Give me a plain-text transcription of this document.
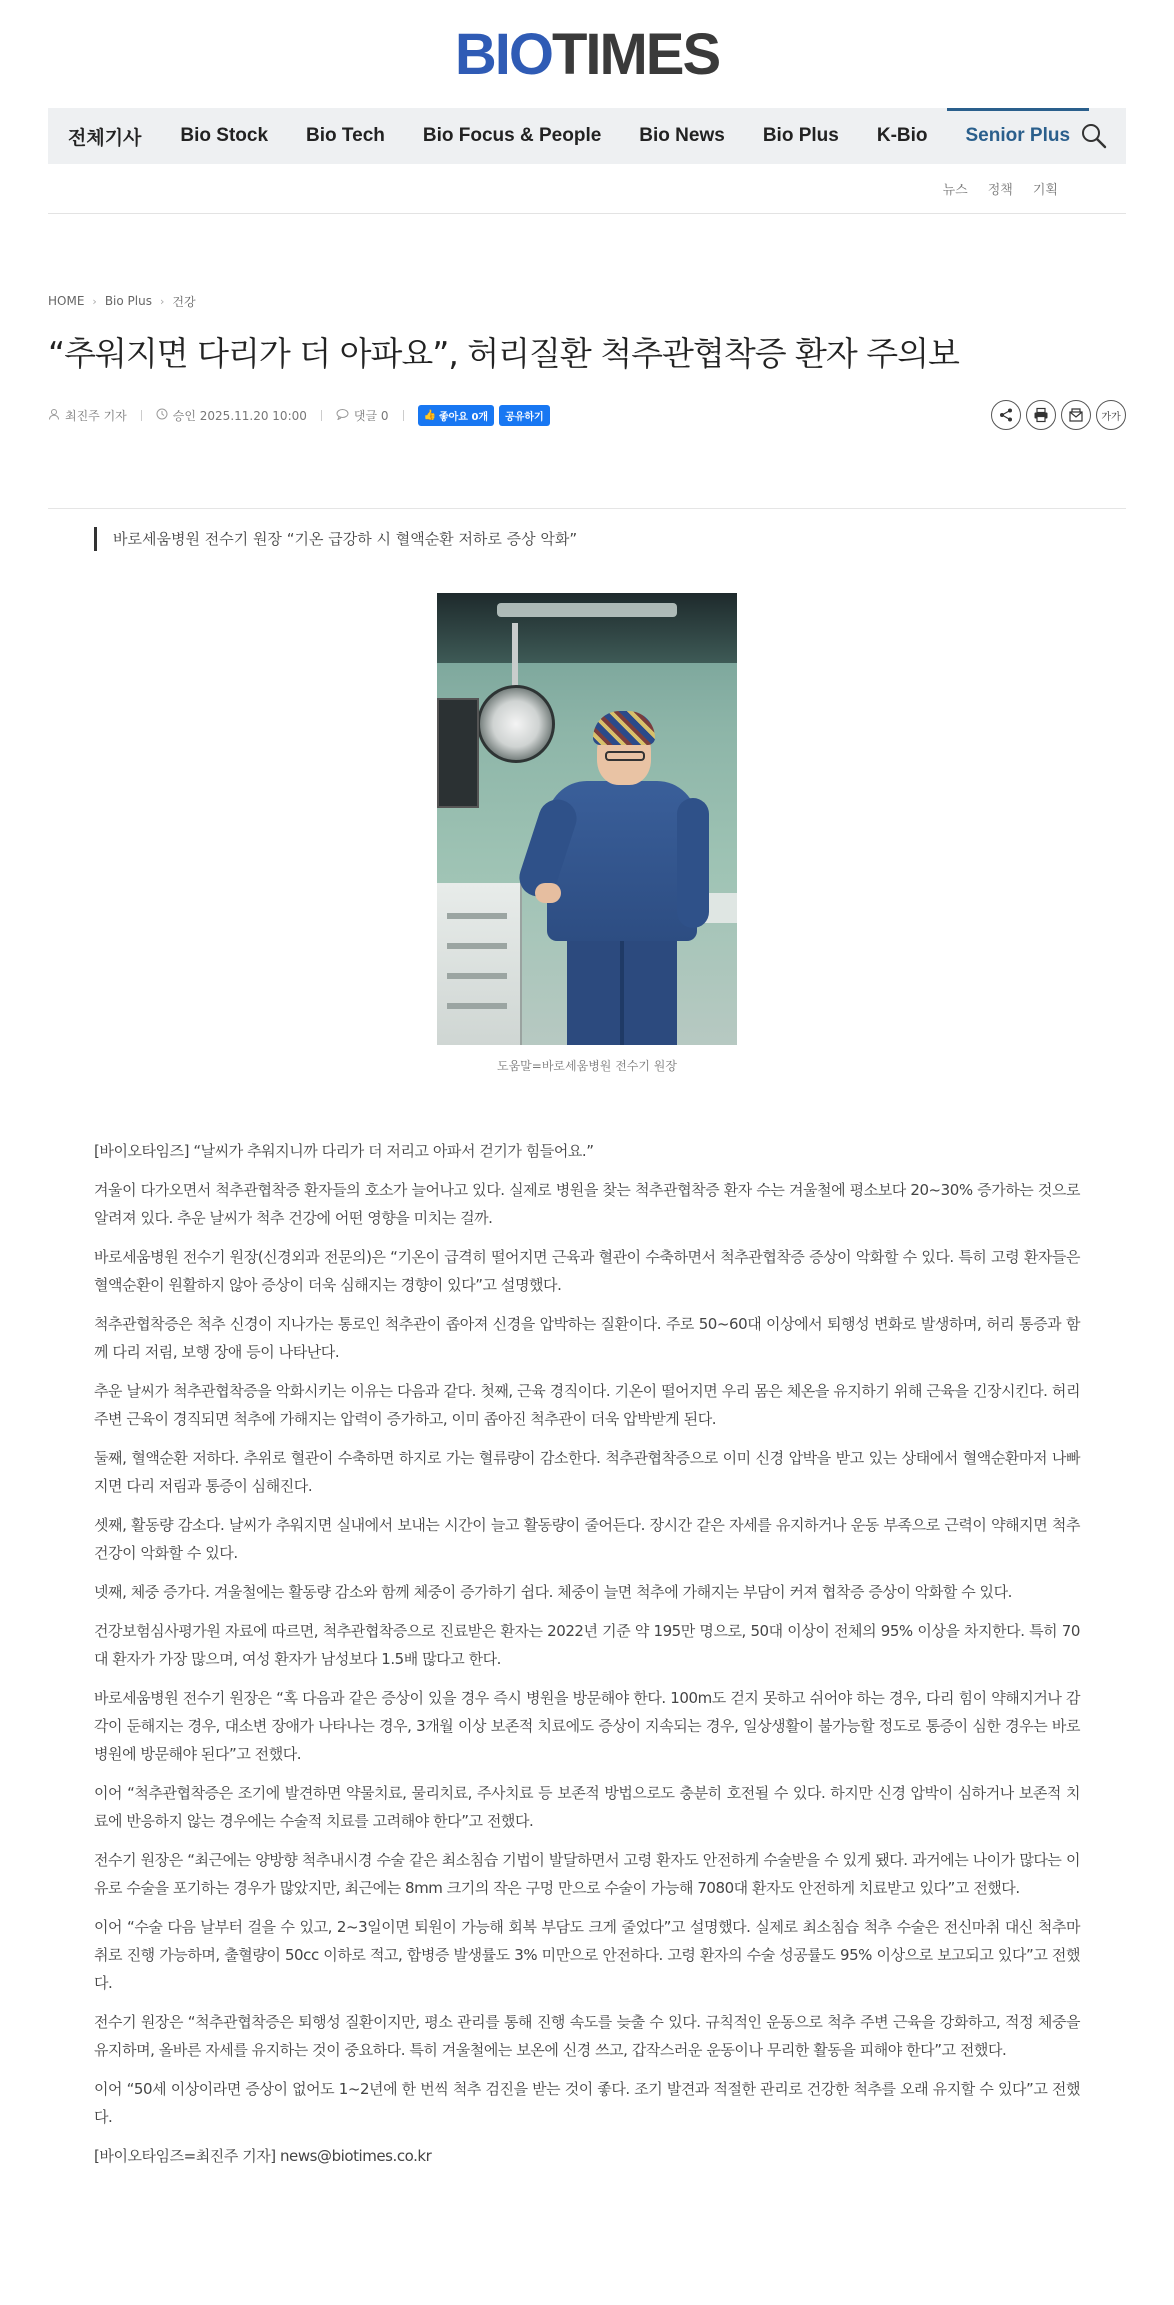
BIO TIMES
전체기사	Bio Stock	Bio Tech	Bio Focus & People	Bio News	Bio Plus	K-Bio	Senior Plus
뉴스 정책 기획
HOME › Bio Plus › 건강
“추워지면 다리가 더 아파요”, 허리질환 척추관협착증 환자 주의보
최진주 기자	승인 2025.11.20 10:00	댓글 0	👍 좋아요 0개	공유하기	가가
바로세움병원 전수기 원장 “기온 급강하 시 혈액순환 저하로 증상 악화”
도움말=바로세움병원 전수기 원장

[바이오타임즈] “날씨가 추워지니까 다리가 더 저리고 아파서 걷기가 힘들어요.”

겨울이 다가오면서 척추관협착증 환자들의 호소가 늘어나고 있다. 실제로 병원을 찾는 척추관협착증 환자 수는 겨울철에 평소보다 20~30% 증가하는 것으로 알려져 있다. 추운 날씨가 척추 건강에 어떤 영향을 미치는 걸까.

바로세움병원 전수기 원장(신경외과 전문의)은 “기온이 급격히 떨어지면 근육과 혈관이 수축하면서 척추관협착증 증상이 악화할 수 있다. 특히 고령 환자들은 혈액순환이 원활하지 않아 증상이 더욱 심해지는 경향이 있다”고 설명했다.

척추관협착증은 척추 신경이 지나가는 통로인 척추관이 좁아져 신경을 압박하는 질환이다. 주로 50~60대 이상에서 퇴행성 변화로 발생하며, 허리 통증과 함께 다리 저림, 보행 장애 등이 나타난다.

추운 날씨가 척추관협착증을 악화시키는 이유는 다음과 같다. 첫째, 근육 경직이다. 기온이 떨어지면 우리 몸은 체온을 유지하기 위해 근육을 긴장시킨다. 허리 주변 근육이 경직되면 척추에 가해지는 압력이 증가하고, 이미 좁아진 척추관이 더욱 압박받게 된다.

둘째, 혈액순환 저하다. 추위로 혈관이 수축하면 하지로 가는 혈류량이 감소한다. 척추관협착증으로 이미 신경 압박을 받고 있는 상태에서 혈액순환마저 나빠지면 다리 저림과 통증이 심해진다.

셋째, 활동량 감소다. 날씨가 추워지면 실내에서 보내는 시간이 늘고 활동량이 줄어든다. 장시간 같은 자세를 유지하거나 운동 부족으로 근력이 약해지면 척추 건강이 악화할 수 있다.

넷째, 체중 증가다. 겨울철에는 활동량 감소와 함께 체중이 증가하기 쉽다. 체중이 늘면 척추에 가해지는 부담이 커져 협착증 증상이 악화할 수 있다.

건강보험심사평가원 자료에 따르면, 척추관협착증으로 진료받은 환자는 2022년 기준 약 195만 명으로, 50대 이상이 전체의 95% 이상을 차지한다. 특히 70대 환자가 가장 많으며, 여성 환자가 남성보다 1.5배 많다고 한다.

바로세움병원 전수기 원장은 “혹 다음과 같은 증상이 있을 경우 즉시 병원을 방문해야 한다. 100m도 걷지 못하고 쉬어야 하는 경우, 다리 힘이 약해지거나 감각이 둔해지는 경우, 대소변 장애가 나타나는 경우, 3개월 이상 보존적 치료에도 증상이 지속되는 경우, 일상생활이 불가능할 정도로 통증이 심한 경우는 바로 병원에 방문해야 된다”고 전했다.

이어 “척추관협착증은 조기에 발견하면 약물치료, 물리치료, 주사치료 등 보존적 방법으로도 충분히 호전될 수 있다. 하지만 신경 압박이 심하거나 보존적 치료에 반응하지 않는 경우에는 수술적 치료를 고려해야 한다”고 전했다.

전수기 원장은 “최근에는 양방향 척추내시경 수술 같은 최소침습 기법이 발달하면서 고령 환자도 안전하게 수술받을 수 있게 됐다. 과거에는 나이가 많다는 이유로 수술을 포기하는 경우가 많았지만, 최근에는 8mm 크기의 작은 구멍 만으로 수술이 가능해 7080대 환자도 안전하게 치료받고 있다”고 전했다.

이어 “수술 다음 날부터 걸을 수 있고, 2~3일이면 퇴원이 가능해 회복 부담도 크게 줄었다”고 설명했다. 실제로 최소침습 척추 수술은 전신마취 대신 척추마취로 진행 가능하며, 출혈량이 50cc 이하로 적고, 합병증 발생률도 3% 미만으로 안전하다. 고령 환자의 수술 성공률도 95% 이상으로 보고되고 있다”고 전했다.

전수기 원장은 “척추관협착증은 퇴행성 질환이지만, 평소 관리를 통해 진행 속도를 늦출 수 있다. 규칙적인 운동으로 척추 주변 근육을 강화하고, 적정 체중을 유지하며, 올바른 자세를 유지하는 것이 중요하다. 특히 겨울철에는 보온에 신경 쓰고, 갑작스러운 운동이나 무리한 활동을 피해야 한다”고 전했다.

이어 “50세 이상이라면 증상이 없어도 1~2년에 한 번씩 척추 검진을 받는 것이 좋다. 조기 발견과 적절한 관리로 건강한 척추를 오래 유지할 수 있다”고 전했다.

[바이오타임즈=최진주 기자] news@biotimes.co.kr
